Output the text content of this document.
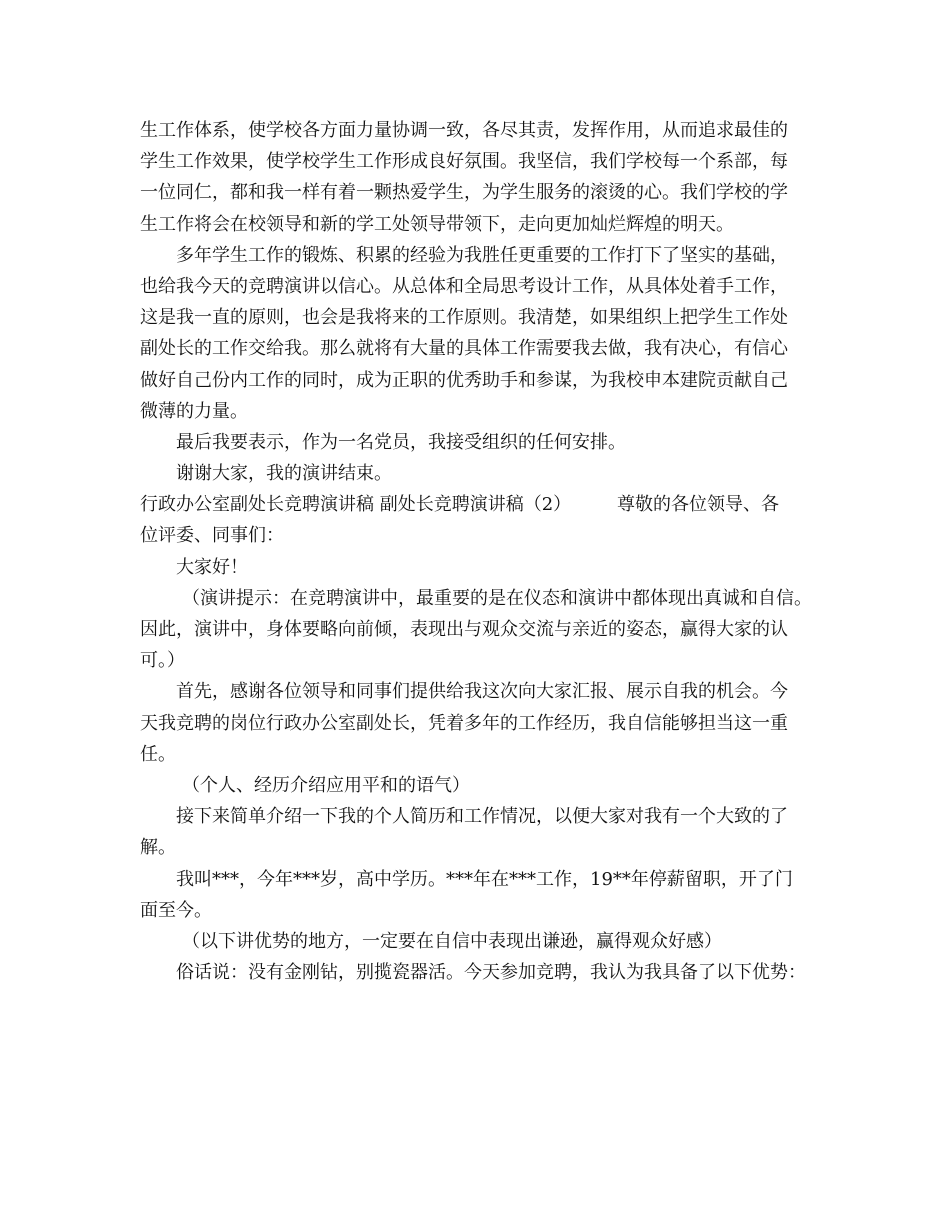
生工作体系，使学校各方面力量协调一致，各尽其责，发挥作用，从而追求最佳的

学生工作效果，使学校学生工作形成良好氛围。我坚信，我们学校每一个系部，每

一位同仁，都和我一样有着一颗热爱学生，为学生服务的滚烫的心。我们学校的学

生工作将会在校领导和新的学工处领导带领下，走向更加灿烂辉煌的明天。

多年学生工作的锻炼、积累的经验为我胜任更重要的工作打下了坚实的基础，

也给我今天的竞聘演讲以信心。从总体和全局思考设计工作，从具体处着手工作，

这是我一直的原则，也会是我将来的工作原则。我清楚，如果组织上把学生工作处

副处长的工作交给我。那么就将有大量的具体工作需要我去做，我有决心，有信心

做好自己份内工作的同时，成为正职的优秀助手和参谋，为我校申本建院贡献自己

微薄的力量。

最后我要表示，作为一名党员，我接受组织的任何安排。

谢谢大家，我的演讲结束。

行政办公室副处长竞聘演讲稿 副处长竞聘演讲稿（2）        尊敬的各位领导、各

位评委、同事们：

大家好！

（演讲提示：在竞聘演讲中，最重要的是在仪态和演讲中都体现出真诚和自信。

因此，演讲中，身体要略向前倾，表现出与观众交流与亲近的姿态，赢得大家的认

可。）

首先，感谢各位领导和同事们提供给我这次向大家汇报、展示自我的机会。今

天我竞聘的岗位行政办公室副处长，凭着多年的工作经历，我自信能够担当这一重

任。

（个人、经历介绍应用平和的语气）

接下来简单介绍一下我的个人简历和工作情况，以便大家对我有一个大致的了

解。

我叫***，今年***岁，高中学历。***年在***工作，19**年停薪留职，开了门

面至今。

（以下讲优势的地方，一定要在自信中表现出谦逊，赢得观众好感）

俗话说：没有金刚钻，别揽瓷器活。今天参加竞聘，我认为我具备了以下优势：
